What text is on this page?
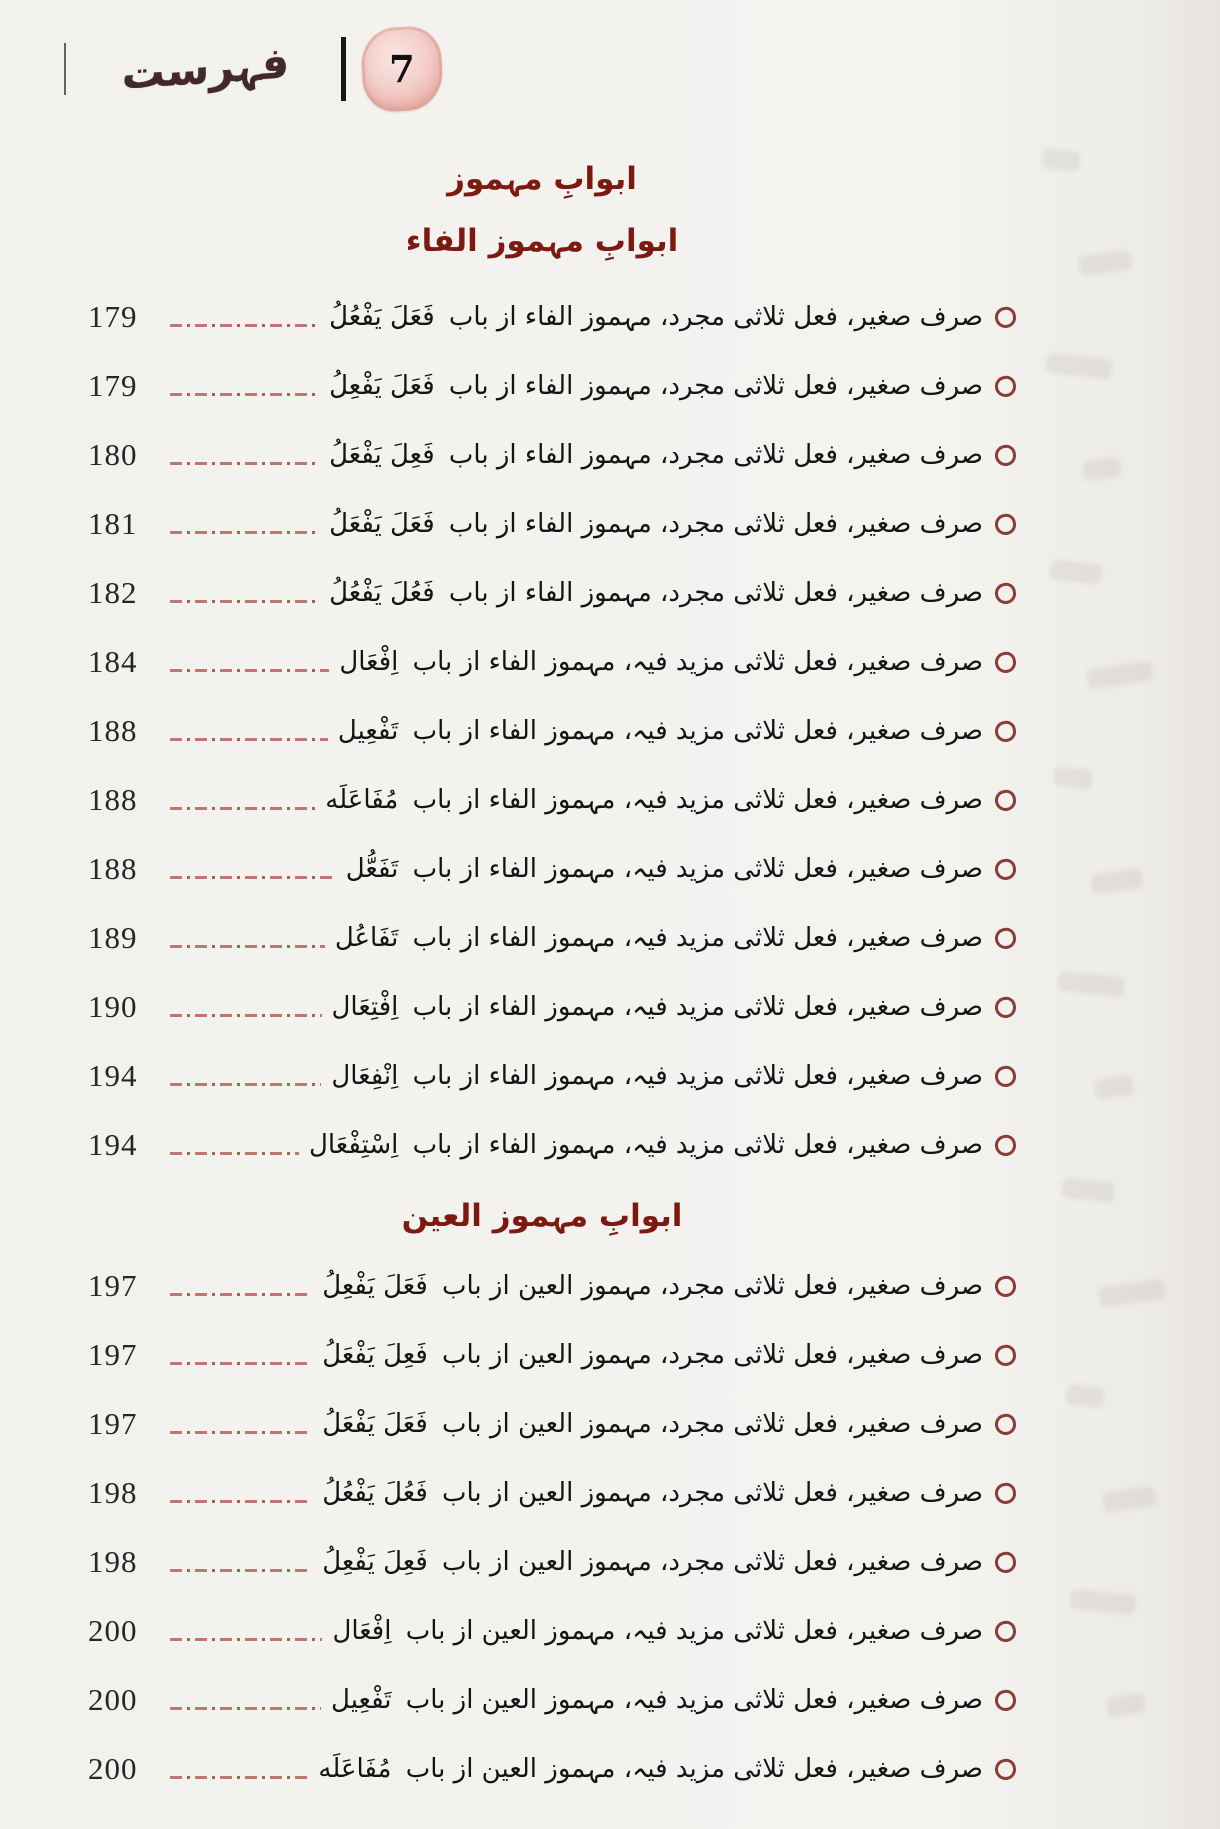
فہرست	7
ابوابِ مہموز
ابوابِ مہموز الفاء
179	صرف صغیر، فعل ثلاثی مجرد، مہموز الفاء از باب فَعَلَ يَفْعُلُ
179	صرف صغیر، فعل ثلاثی مجرد، مہموز الفاء از باب فَعَلَ يَفْعِلُ
180	صرف صغیر، فعل ثلاثی مجرد، مہموز الفاء از باب فَعِلَ يَفْعَلُ
181	صرف صغیر، فعل ثلاثی مجرد، مہموز الفاء از باب فَعَلَ يَفْعَلُ
182	صرف صغیر، فعل ثلاثی مجرد، مہموز الفاء از باب فَعُلَ يَفْعُلُ
184	صرف صغیر، فعل ثلاثی مزید فیہ، مہموز الفاء از باب اِفْعَال
188	صرف صغیر، فعل ثلاثی مزید فیہ، مہموز الفاء از باب تَفْعِيل
188	صرف صغیر، فعل ثلاثی مزید فیہ، مہموز الفاء از باب مُفَاعَلَه
188	صرف صغیر، فعل ثلاثی مزید فیہ، مہموز الفاء از باب تَفَعُّل
189	صرف صغیر، فعل ثلاثی مزید فیہ، مہموز الفاء از باب تَفَاعُل
190	صرف صغیر، فعل ثلاثی مزید فیہ، مہموز الفاء از باب اِفْتِعَال
194	صرف صغیر، فعل ثلاثی مزید فیہ، مہموز الفاء از باب اِنْفِعَال
194	صرف صغیر، فعل ثلاثی مزید فیہ، مہموز الفاء از باب اِسْتِفْعَال
ابوابِ مہموز العین
197	صرف صغیر، فعل ثلاثی مجرد، مہموز العین از باب فَعَلَ يَفْعِلُ
197	صرف صغیر، فعل ثلاثی مجرد، مہموز العین از باب فَعِلَ يَفْعَلُ
197	صرف صغیر، فعل ثلاثی مجرد، مہموز العین از باب فَعَلَ يَفْعَلُ
198	صرف صغیر، فعل ثلاثی مجرد، مہموز العین از باب فَعُلَ يَفْعُلُ
198	صرف صغیر، فعل ثلاثی مجرد، مہموز العین از باب فَعِلَ يَفْعِلُ
200	صرف صغیر، فعل ثلاثی مزید فیہ، مہموز العین از باب اِفْعَال
200	صرف صغیر، فعل ثلاثی مزید فیہ، مہموز العین از باب تَفْعِيل
200	صرف صغیر، فعل ثلاثی مزید فیہ، مہموز العین از باب مُفَاعَلَه
